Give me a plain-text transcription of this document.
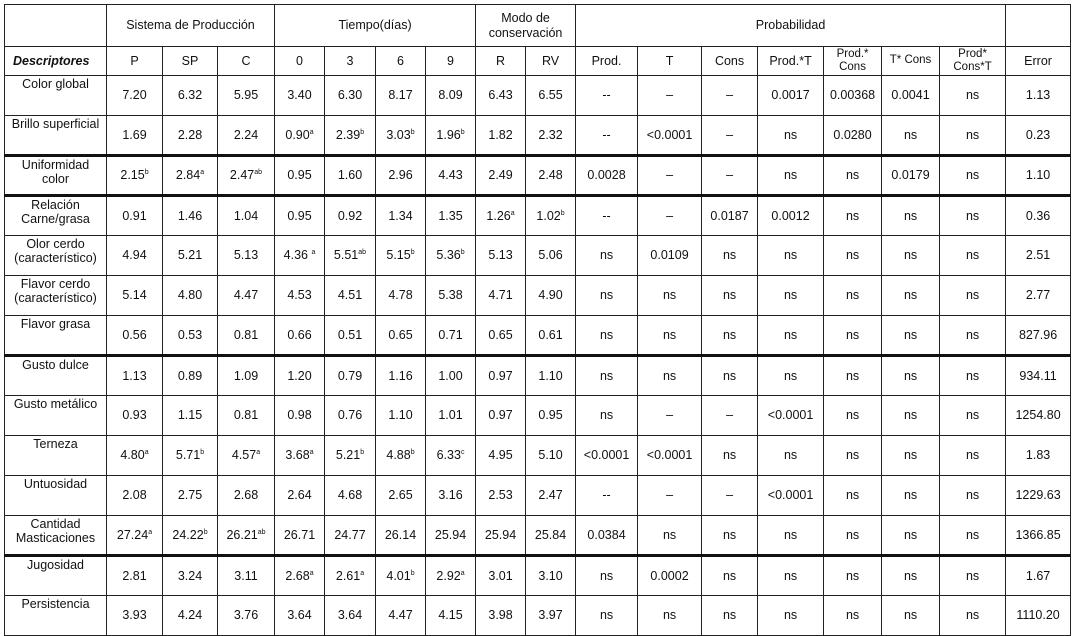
	Sistema de Producción			Tiempo(días)				Modo de conservación		Probabilidad							
Descriptores	P	SP	C	0	3	6	9	R	RV	Prod.	T	Cons	Prod.*T	Prod.* Cons	T* Cons	Prod* Cons*T	Error
Color global	7.20	6.32	5.95	3.40	6.30	8.17	8.09	6.43	6.55	--	–	–	0.0017	0.00368	0.0041	ns	1.13
Brillo superficial	1.69	2.28	2.24	0.90$^a$	2.39$^b$	3.03$^b$	1.96$^b$	1.82	2.32	--	<0.0001	–	ns	0.0280	ns	ns	0.23
Uniformidad color	2.15$^b$	2.84$^a$	2.47$^{ab}$	0.95	1.60	2.96	4.43	2.49	2.48	0.0028	–	–	ns	ns	0.0179	ns	1.10
Relación Carne/grasa	0.91	1.46	1.04	0.95	0.92	1.34	1.35	1.26$^a$	1.02$^b$	--	–	0.0187	0.0012	ns	ns	ns	0.36
Olor cerdo (característico)	4.94	5.21	5.13	4.36 $^a$	5.51$^{ab}$	5.15$^b$	5.36$^b$	5.13	5.06	ns	0.0109	ns	ns	ns	ns	ns	2.51
Flavor cerdo (característico)	5.14	4.80	4.47	4.53	4.51	4.78	5.38	4.71	4.90	ns	ns	ns	ns	ns	ns	ns	2.77
Flavor grasa	0.56	0.53	0.81	0.66	0.51	0.65	0.71	0.65	0.61	ns	ns	ns	ns	ns	ns	ns	827.96
Gusto dulce	1.13	0.89	1.09	1.20	0.79	1.16	1.00	0.97	1.10	ns	ns	ns	ns	ns	ns	ns	934.11
Gusto metálico	0.93	1.15	0.81	0.98	0.76	1.10	1.01	0.97	0.95	ns	–	–	<0.0001	ns	ns	ns	1254.80
Terneza	4.80$^a$	5.71$^b$	4.57$^a$	3.68$^a$	5.21$^b$	4.88$^b$	6.33$^c$	4.95	5.10	<0.0001	<0.0001	ns	ns	ns	ns	ns	1.83
Untuosidad	2.08	2.75	2.68	2.64	4.68	2.65	3.16	2.53	2.47	--	–	–	<0.0001	ns	ns	ns	1229.63
Cantidad Masticaciones	27.24$^a$	24.22$^b$	26.21$^{ab}$	26.71	24.77	26.14	25.94	25.94	25.84	0.0384	ns	ns	ns	ns	ns	ns	1366.85
Jugosidad	2.81	3.24	3.11	2.68$^a$	2.61$^a$	4.01$^b$	2.92$^a$	3.01	3.10	ns	0.0002	ns	ns	ns	ns	ns	1.67
Persistencia	3.93	4.24	3.76	3.64	3.64	4.47	4.15	3.98	3.97	ns	ns	ns	ns	ns	ns	ns	1110.20
